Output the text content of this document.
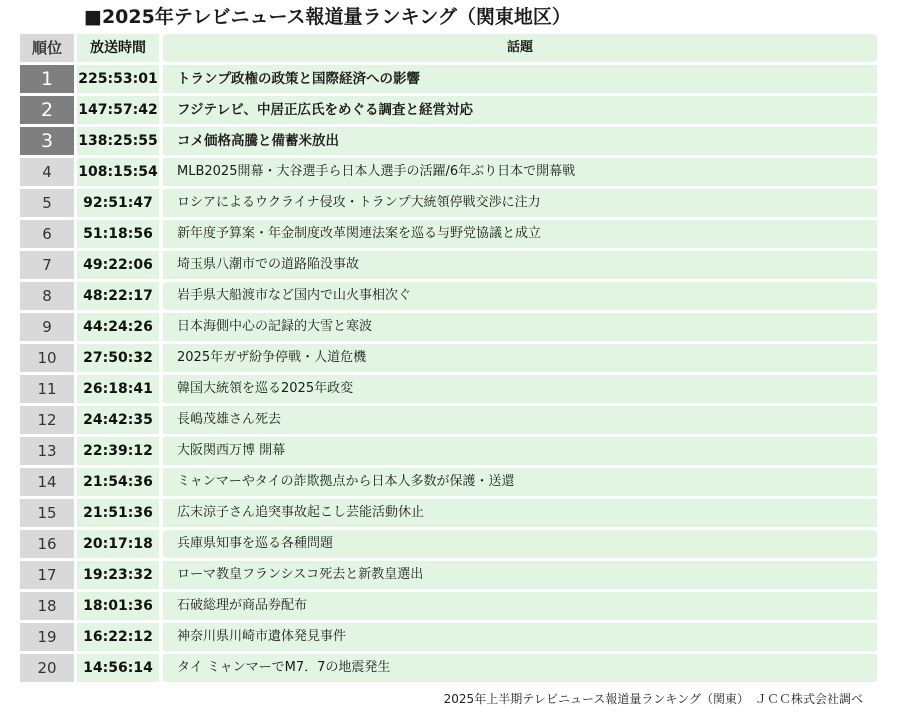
■2025年テレビニュース報道量ランキング（関東地区）
順位	放送時間	話題
1	225:53:01	トランプ政権の政策と国際経済への影響
2	147:57:42	フジテレビ、中居正広氏をめぐる調査と経営対応
3	138:25:55	コメ価格高騰と備蓄米放出
4	108:15:54	MLB2025開幕・大谷選手ら日本人選手の活躍/6年ぶり日本で開幕戦
5	92:51:47	ロシアによるウクライナ侵攻・トランプ大統領停戦交渉に注力
6	51:18:56	新年度予算案・年金制度改革関連法案を巡る与野党協議と成立
7	49:22:06	埼玉県八潮市での道路陥没事故
8	48:22:17	岩手県大船渡市など国内で山火事相次ぐ
9	44:24:26	日本海側中心の記録的大雪と寒波
10	27:50:32	2025年ガザ紛争停戦・人道危機
11	26:18:41	韓国大統領を巡る2025年政変
12	24:42:35	長嶋茂雄さん死去
13	22:39:12	大阪関西万博 開幕
14	21:54:36	ミャンマーやタイの詐欺拠点から日本人多数が保護・送還
15	21:51:36	広末涼子さん追突事故起こし芸能活動休止
16	20:17:18	兵庫県知事を巡る各種問題
17	19:23:32	ローマ教皇フランシスコ死去と新教皇選出
18	18:01:36	石破総理が商品券配布
19	16:22:12	神奈川県川崎市遺体発見事件
20	14:56:14	タイ ミャンマーでM7．7の地震発生
2025年上半期テレビニュース報道量ランキング（関東）　ＪＣＣ株式会社調べ
